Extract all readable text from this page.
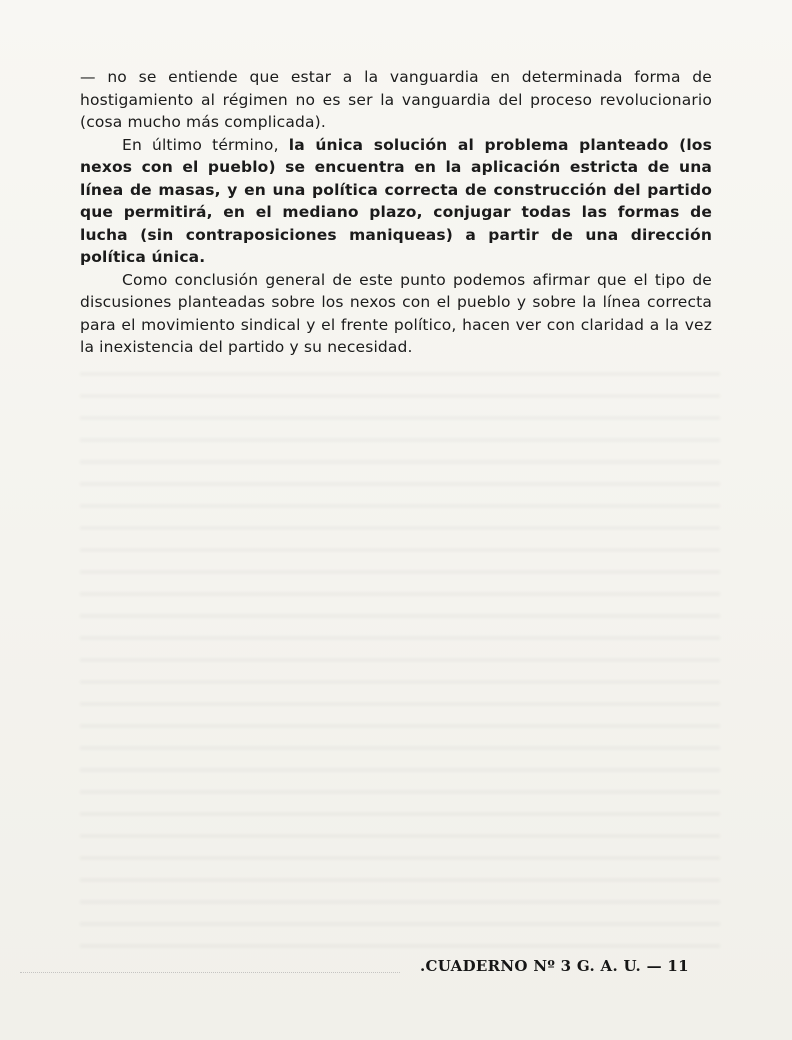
— no se entiende que estar a la vanguardia en determinada forma de hostigamiento al régimen no es ser la vanguardia del proceso revolucionario (cosa mucho más complicada).

En último término, la única solución al problema planteado (los nexos con el pueblo) se encuentra en la aplicación estricta de una línea de masas, y en una política correcta de construcción del partido que permitirá, en el mediano plazo, conjugar todas las formas de lucha (sin contraposiciones maniqueas) a partir de una dirección política única.

Como conclusión general de este punto podemos afirmar que el tipo de discusiones planteadas sobre los nexos con el pueblo y sobre la línea correcta para el movimiento sindical y el frente político, hacen ver con claridad a la vez la inexistencia del partido y su necesidad.

.CUADERNO Nº 3 G. A. U. — 11
